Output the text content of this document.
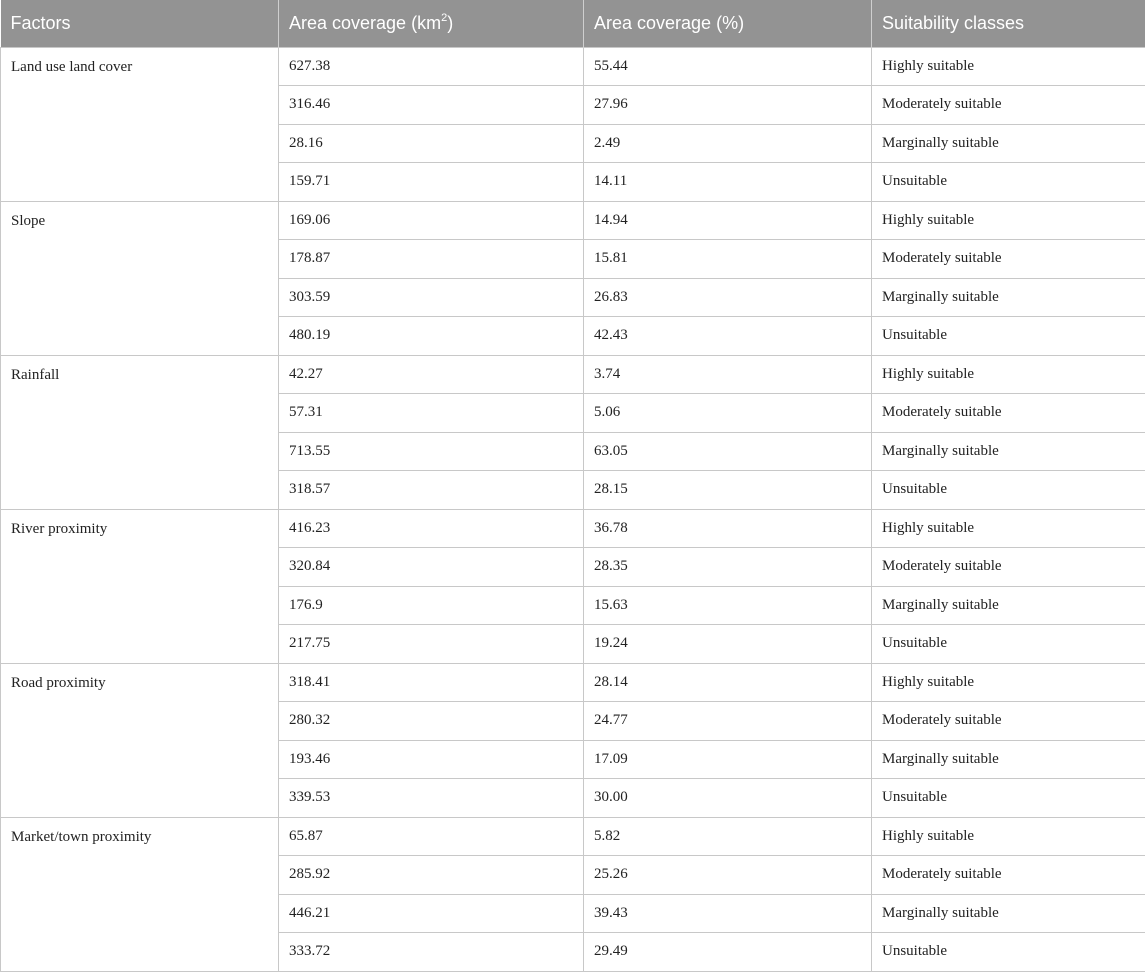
Factors	Area coverage $(km^2)$	Area coverage (%)	Suitability classes
Land use land cover	627.38	55.44	Highly suitable
	316.46	27.96	Moderately suitable
	28.16	2.49	Marginally suitable
	159.71	14.11	Unsuitable
Slope	169.06	14.94	Highly suitable
	178.87	15.81	Moderately suitable
	303.59	26.83	Marginally suitable
	480.19	42.43	Unsuitable
Rainfall	42.27	3.74	Highly suitable
	57.31	5.06	Moderately suitable
	713.55	63.05	Marginally suitable
	318.57	28.15	Unsuitable
River proximity	416.23	36.78	Highly suitable
	320.84	28.35	Moderately suitable
	176.9	15.63	Marginally suitable
	217.75	19.24	Unsuitable
Road proximity	318.41	28.14	Highly suitable
	280.32	24.77	Moderately suitable
	193.46	17.09	Marginally suitable
	339.53	30.00	Unsuitable
Market/town proximity	65.87	5.82	Highly suitable
	285.92	25.26	Moderately suitable
	446.21	39.43	Marginally suitable
	333.72	29.49	Unsuitable
